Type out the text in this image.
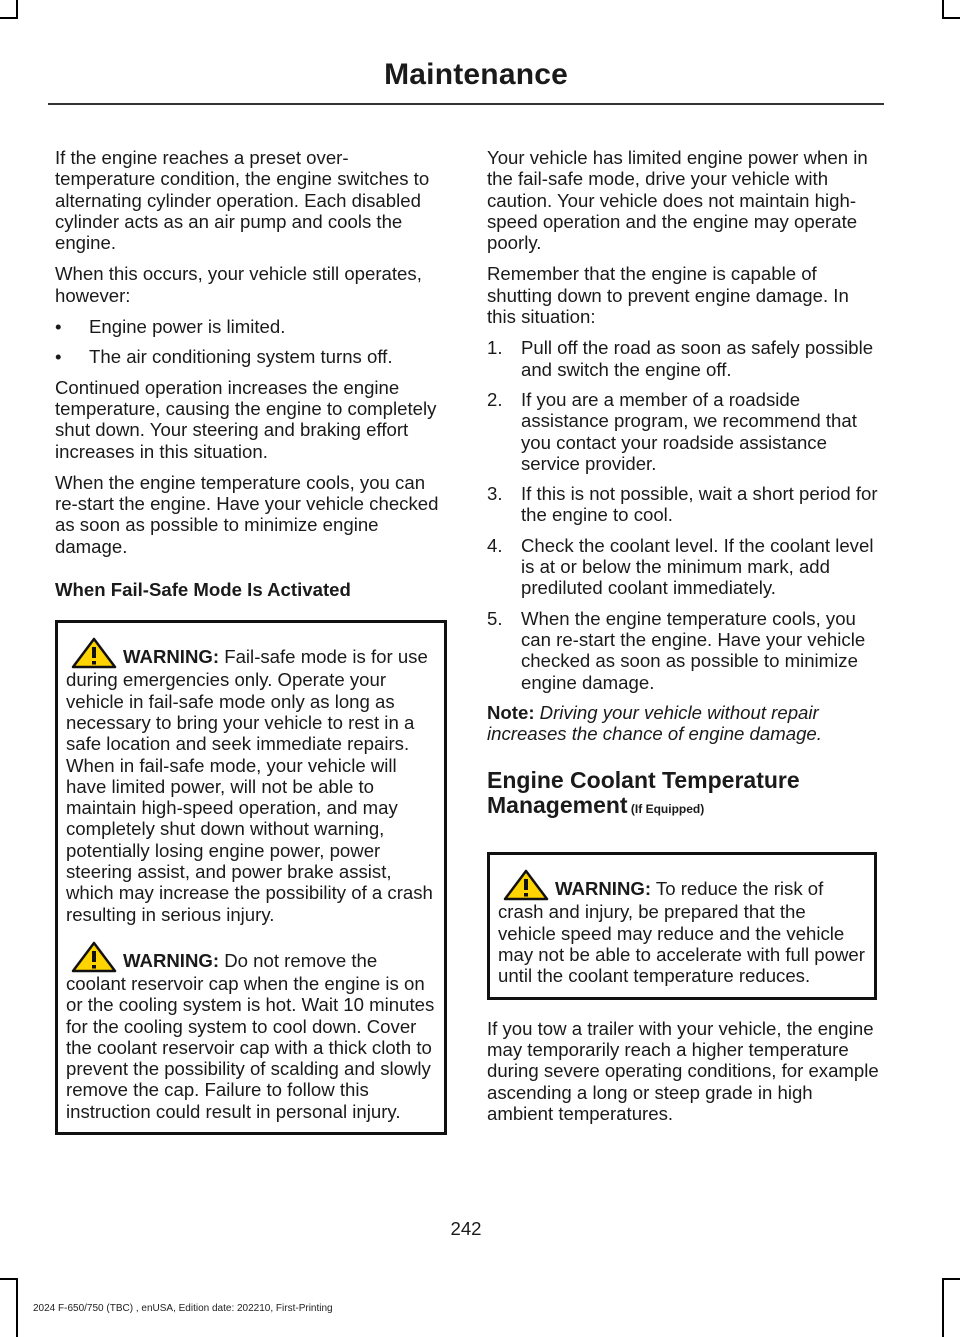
Maintenance

If the engine reaches a preset over-temperature condition, the engine switches to alternating cylinder operation. Each disabled cylinder acts as an air pump and cools the engine.

When this occurs, your vehicle still operates, however:

•	Engine power is limited.
•	The air conditioning system turns off.

Continued operation increases the engine temperature, causing the engine to completely shut down. Your steering and braking effort increases in this situation.

When the engine temperature cools, you can re-start the engine. Have your vehicle checked as soon as possible to minimize engine damage.

When Fail-Safe Mode Is Activated
WARNING: Fail-safe mode is for use during emergencies only. Operate your vehicle in fail-safe mode only as long as necessary to bring your vehicle to rest in a safe location and seek immediate repairs. When in fail-safe mode, your vehicle will have limited power, will not be able to maintain high-speed operation, and may completely shut down without warning, potentially losing engine power, power steering assist, and power brake assist, which may increase the possibility of a crash resulting in serious injury.
WARNING: Do not remove the coolant reservoir cap when the engine is on or the cooling system is hot. Wait 10 minutes for the cooling system to cool down. Cover the coolant reservoir cap with a thick cloth to prevent the possibility of scalding and slowly remove the cap. Failure to follow this instruction could result in personal injury.

Your vehicle has limited engine power when in the fail-safe mode, drive your vehicle with caution. Your vehicle does not maintain high-speed operation and the engine may operate poorly.

Remember that the engine is capable of shutting down to prevent engine damage. In this situation:

1. Pull off the road as soon as safely possible and switch the engine off.
2. If you are a member of a roadside assistance program, we recommend that you contact your roadside assistance service provider.
3. If this is not possible, wait a short period for the engine to cool.
4. Check the coolant level. If the coolant level is at or below the minimum mark, add prediluted coolant immediately.
5. When the engine temperature cools, you can re-start the engine. Have your vehicle checked as soon as possible to minimize engine damage.

Note: Driving your vehicle without repair increases the chance of engine damage.

Engine Coolant Temperature Management (If Equipped)
WARNING: To reduce the risk of crash and injury, be prepared that the vehicle speed may reduce and the vehicle may not be able to accelerate with full power until the coolant temperature reduces.

If you tow a trailer with your vehicle, the engine may temporarily reach a higher temperature during severe operating conditions, for example ascending a long or steep grade in high ambient temperatures.

242
2024 F-650/750 (TBC) , enUSA, Edition date: 202210, First-Printing
